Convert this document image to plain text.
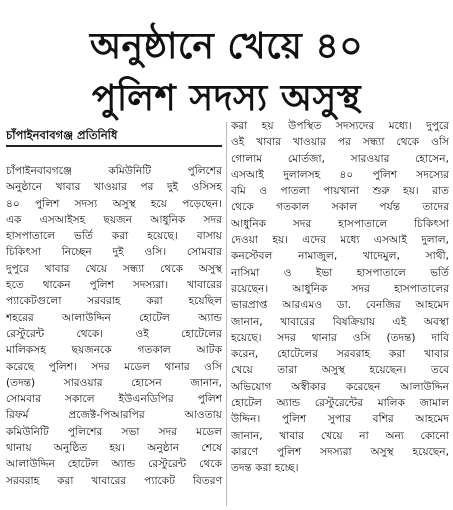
অনুষ্ঠানে খেয়ে ৪০
পুলিশ সদস্য অসুস্থ
চাঁপাইনবাবগঞ্জ প্রতিনিধি
চাঁপাইনবাবগঞ্জে কমিউনিটি পুলিশের
অনুষ্ঠানে খাবার খাওয়ার পর দুই ওসিসহ
৪০ পুলিশ সদস্য অসুস্থ হয়ে পড়েছেন।
এক এসআইসহ ছয়জন আধুনিক সদর
হাসপাতালে ভর্তি করা হয়েছে। বাসায়
চিকিৎসা নিচ্ছেন দুই ওসি। সোমবার
দুপুরে খাবার খেয়ে সন্ধ্যা থেকে অসুস্থ
হতে থাকেন পুলিশ সদস্যরা। খাবারের
প্যাকেটগুলো সরবরাহ করা হয়েছিল
শহরের আলাউদ্দিন হোটেল অ্যান্ড
রেস্টুরেন্ট থেকে। ওই হোটেলের
মালিকসহ ছয়জনকে গতকাল আটক
করেছে পুলিশ। সদর মডেল থানার ওসি
(তদন্ত) সারওয়ার হোসেন জানান,
সোমবার সকালে ইউএনডিপির পুলিশ
রিফর্ম প্রজেক্ট-পিআরপির আওতায়
কমিউনিটি পুলিশের সভা সদর মডেল
থানায় অনুষ্ঠিত হয়। অনুষ্ঠান শেষে
আলাউদ্দিন হোটেল অ্যান্ড রেস্টুরেন্ট থেকে
সরবরাহ করা খাবারের প্যাকেট বিতরণ
করা হয় উপস্থিত সদস্যদের মধ্যে। দুপুরে
ওই খাবার খাওয়ার পর সন্ধ্যা থেকে ওসি
গোলাম মোর্তজা, সারওয়ার হোসেন,
এসআই দুলালসহ ৪০ পুলিশ সদস্যের
বমি ও পাতলা পায়খানা শুরু হয়। রাত
থেকে গতকাল সকাল পর্যন্ত তাদের
আধুনিক সদর হাসপাতালে চিকিৎসা
দেওয়া হয়। এদের মধ্যে এসআই দুলাল,
কনস্টেবল নামাজুল, খাদেমুল, সাথী,
নাসিমা ও ইভা হাসপাতালে ভর্তি
রয়েছেন। আধুনিক সদর হাসপাতালের
ভারপ্রাপ্ত আরএমও ডা. বেনজির আহমেদ
জানান, খাবারের বিষক্রিয়ায় এই অবস্থা
হয়েছে। সদর থানার ওসি (তদন্ত) দাবি
করেন, হোটেলের সরবরাহ করা খাবার
খেয়ে তারা অসুস্থ হয়েছেন। তবে
অভিযোগ অস্বীকার করেছেন আলাউদ্দিন
হোটেল অ্যান্ড রেস্টুরেন্টের মালিক জামাল
উদ্দিন। পুলিশ সুপার বশির আহমেদ
জানান, খাবার খেয়ে না অন্য কোনো
কারণে পুলিশ সদস্যরা অসুস্থ হয়েছেন,
তদন্ত করা হচ্ছে।
